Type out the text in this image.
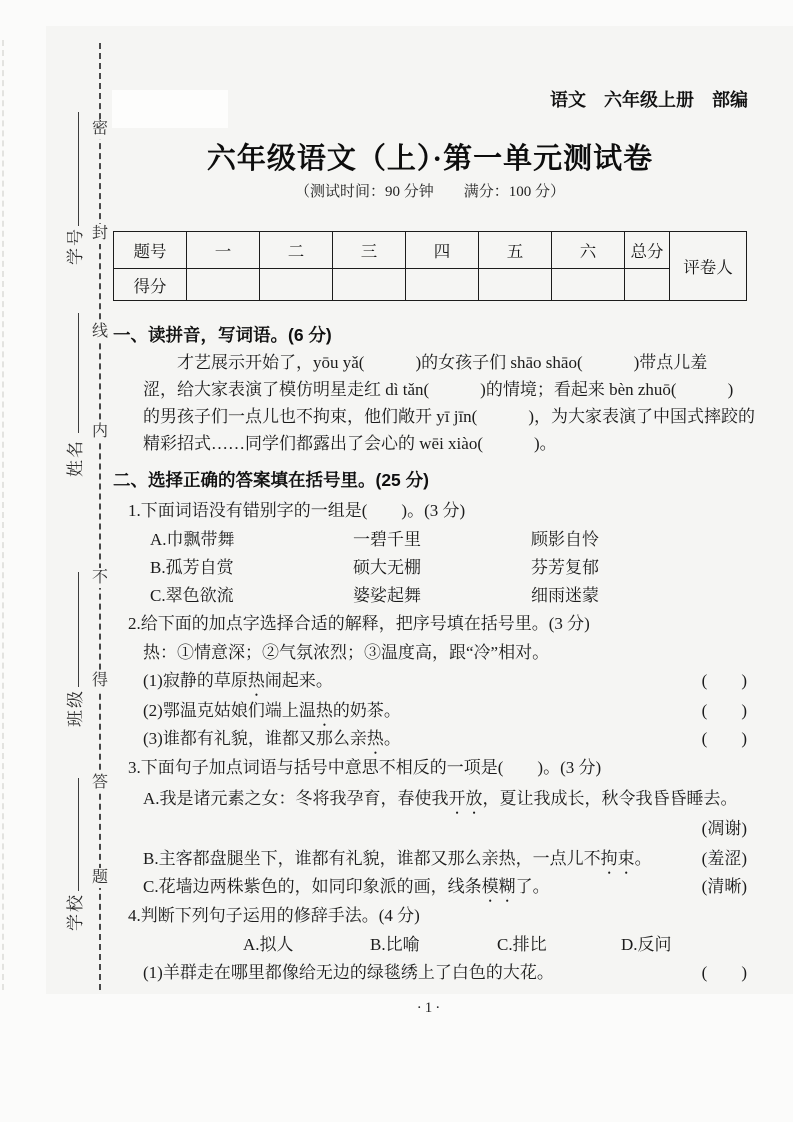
密
封
线
内
不
得
答
题
学号
姓名
班级
学校
语文　六年级上册　部编
六年级语文（上）·第一单元测试卷
（测试时间：90 分钟　　满分：100 分）
题号	一	二	三	四	五	六	总分	评卷人
得分								
一、读拼音，写词语。(6 分)
才艺展示开始了，yōu yǎ(　　　)的女孩子们 shāo shāo(　　　)带点儿羞
涩，给大家表演了模仿明星走红 dì tǎn(　　　)的情境；看起来 bèn zhuō(　　　)
的男孩子们一点儿也不拘束，他们敞开 yī jīn(　　　)，为大家表演了中国式摔跤的
精彩招式……同学们都露出了会心的 wēi xiào(　　　)。
二、选择正确的答案填在括号里。(25 分)
1.下面词语没有错别字的一组是(　　)。(3 分)
A.巾飘带舞	一碧千里	顾影自怜
B.孤芳自赏	硕大无棚	芬芳复郁
C.翠色欲流	婆娑起舞	细雨迷蒙
2.给下面的加点字选择合适的解释，把序号填在括号里。(3 分)
热：①情意深；②气氛浓烈；③温度高，跟“冷”相对。
(1)寂静的草原热闹起来。	(　　)
(2)鄂温克姑娘们端上温热的奶茶。	(　　)
(3)谁都有礼貌，谁都又那么亲热。	(　　)
3.下面句子加点词语与括号中意思不相反的一项是(　　)。(3 分)
A.我是诸元素之女：冬将我孕育，春使我开放，夏让我成长，秋令我昏昏睡去。
(凋谢)
B.主客都盘腿坐下，谁都有礼貌，谁都又那么亲热，一点儿不拘束。	(羞涩)
C.花墙边两株紫色的，如同印象派的画，线条模糊了。	(清晰)
4.判断下列句子运用的修辞手法。(4 分)
A.拟人	B.比喻	C.排比	D.反问
(1)羊群走在哪里都像给无边的绿毯绣上了白色的大花。	(　　)
·1·
